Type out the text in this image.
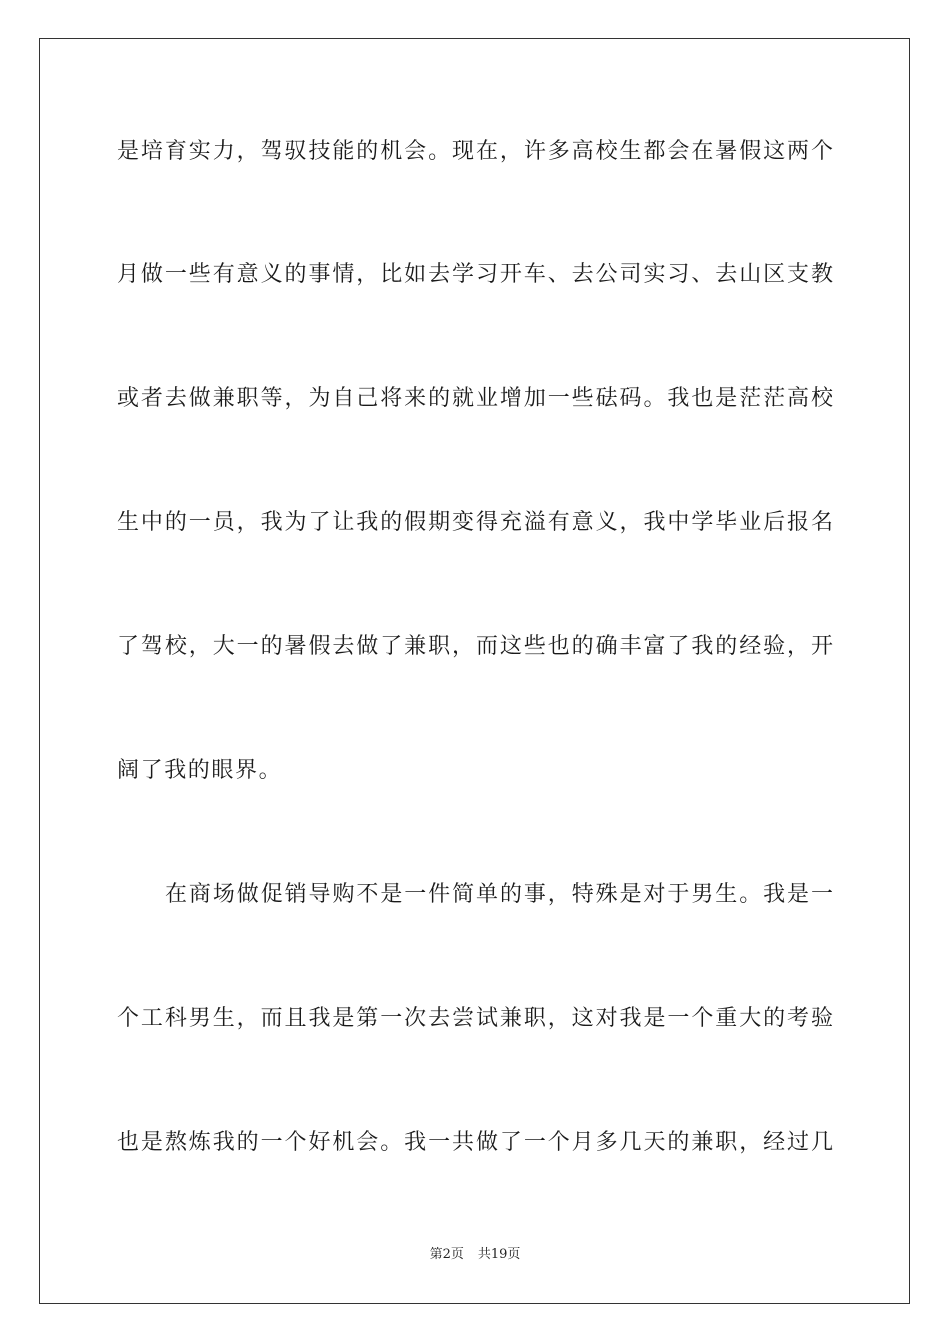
是培育实力，驾驭技能的机会。现在，许多高校生都会在暑假这两个
月做一些有意义的事情，比如去学习开车、去公司实习、去山区支教
或者去做兼职等，为自己将来的就业增加一些砝码。我也是茫茫高校
生中的一员，我为了让我的假期变得充溢有意义，我中学毕业后报名
了驾校，大一的暑假去做了兼职，而这些也的确丰富了我的经验，开
阔了我的眼界。
在商场做促销导购不是一件简单的事，特殊是对于男生。我是一
个工科男生，而且我是第一次去尝试兼职，这对我是一个重大的考验
也是熬炼我的一个好机会。我一共做了一个月多几天的兼职，经过几
第2页 共19页
